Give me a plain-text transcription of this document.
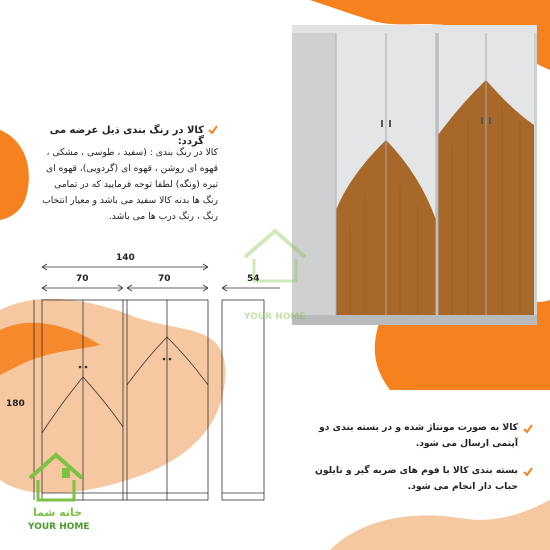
کالا در رنگ بندی ذیل عرضه می گردد:
کالا در رنگ بندی : (سفید ، طوسی ، مشکی ، قهوه ای روشن ، قهوه ای (گردویی)، قهوه ای تیره (ونگه) لطفا توجه فرمایید که در تمامی رنگ ها بدنه کالا سفید می باشد و معیار انتخاب رنگ ، رنگ درب ها می باشد.
140
70	70	54
180
کالا به صورت مونتاژ شده و در بسته بندی دو آپتمی ارسال می شود.
بسته بندی کالا با فوم های ضربه گیر و نایلون حباب دار انجام می شود.
خانه شما
YOUR HOME
YOUR HOME
